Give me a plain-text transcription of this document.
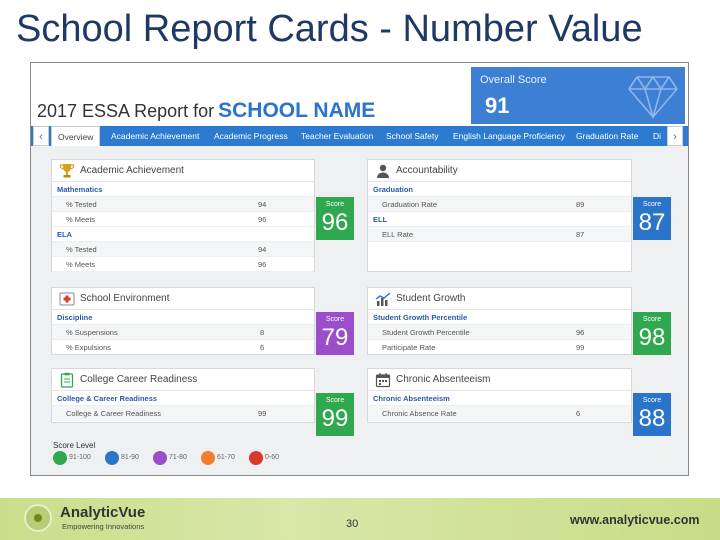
School Report Cards - Number Value
2017 ESSA Report for SCHOOL NAME
Overall Score
91
‹	Overview	Academic Achievement Academic Progress Teacher Evaluation School Safety English Language Proficiency Graduation Rate Di	›
Academic Achievement
Mathematics
% Tested	94
% Meets	96
ELA
% Tested	94
% Meets	96
Score
96
Accountability
Graduation
Graduation Rate	89
ELL
ELL Rate	87
Score
87
School Environment
Discipline
% Suspensions	8
% Expulsions	6
Score
79
Student Growth
Student Growth Percentile
Student Growth Percentile	96
Participate Rate	99
Score
98
College Career Readiness
College & Career Readiness
College & Career Readiness	99
Score
99
Chronic Absenteeism
Chronic Absenteeism
Chronic Absence Rate	6
Score
88
Score Level
91-100	81-90	71-80	61-70	0-60
AnalyticVue
Empowering Innovations	30	www.analyticvue.com
